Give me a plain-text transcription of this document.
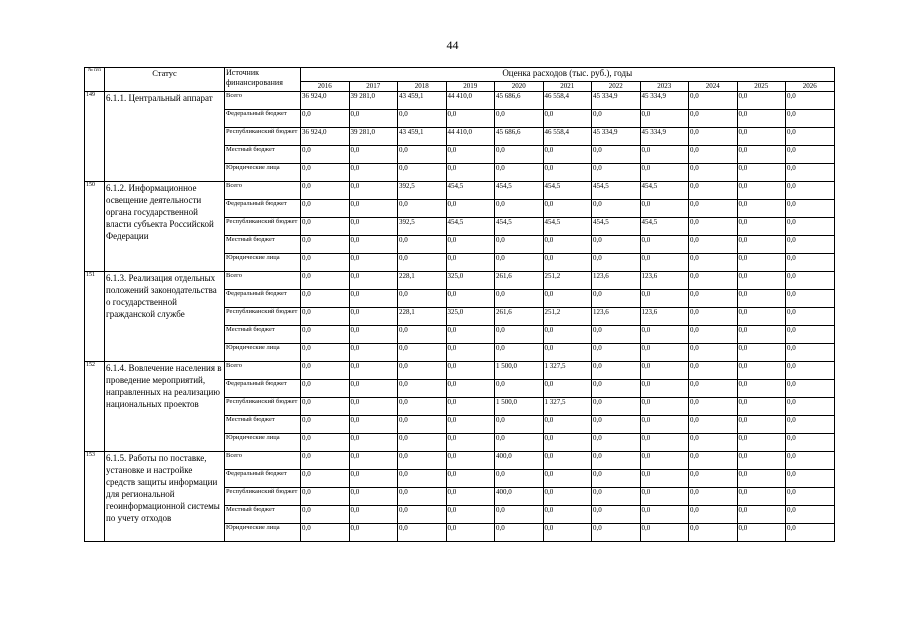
44
№ п/п	Статус	Источник финансирования	Оценка расходов (тыс. руб.), годы										
			2016	2017	2018	2019	2020	2021	2022	2023	2024	2025	2026
149	6.1.1. Центральный аппарат	Всего	36 924,0	39 281,0	43 459,1	44 410,0	45 686,6	46 558,4	45 334,9	45 334,9	0,0	0,0	0,0
		Федеральный бюджет	0,0	0,0	0,0	0,0	0,0	0,0	0,0	0,0	0,0	0,0	0,0
		Республиканский бюджет	36 924,0	39 281,0	43 459,1	44 410,0	45 686,6	46 558,4	45 334,9	45 334,9	0,0	0,0	0,0
		Местный бюджет	0,0	0,0	0,0	0,0	0,0	0,0	0,0	0,0	0,0	0,0	0,0
		Юридические лица	0,0	0,0	0,0	0,0	0,0	0,0	0,0	0,0	0,0	0,0	0,0
150	6.1.2. Информационное освещение деятельности органа государственной власти субъекта Российской Федерации	Всего	0,0	0,0	392,5	454,5	454,5	454,5	454,5	454,5	0,0	0,0	0,0
		Федеральный бюджет	0,0	0,0	0,0	0,0	0,0	0,0	0,0	0,0	0,0	0,0	0,0
		Республиканский бюджет	0,0	0,0	392,5	454,5	454,5	454,5	454,5	454,5	0,0	0,0	0,0
		Местный бюджет	0,0	0,0	0,0	0,0	0,0	0,0	0,0	0,0	0,0	0,0	0,0
		Юридические лица	0,0	0,0	0,0	0,0	0,0	0,0	0,0	0,0	0,0	0,0	0,0
151	6.1.3. Реализация отдельных положений законодательства о государственной гражданской службе	Всего	0,0	0,0	228,1	325,0	261,6	251,2	123,6	123,6	0,0	0,0	0,0
		Федеральный бюджет	0,0	0,0	0,0	0,0	0,0	0,0	0,0	0,0	0,0	0,0	0,0
		Республиканский бюджет	0,0	0,0	228,1	325,0	261,6	251,2	123,6	123,6	0,0	0,0	0,0
		Местный бюджет	0,0	0,0	0,0	0,0	0,0	0,0	0,0	0,0	0,0	0,0	0,0
		Юридические лица	0,0	0,0	0,0	0,0	0,0	0,0	0,0	0,0	0,0	0,0	0,0
152	6.1.4. Вовлечение населения в проведение мероприятий, направленных на реализацию национальных проектов	Всего	0,0	0,0	0,0	0,0	1 500,0	1 327,5	0,0	0,0	0,0	0,0	0,0
		Федеральный бюджет	0,0	0,0	0,0	0,0	0,0	0,0	0,0	0,0	0,0	0,0	0,0
		Республиканский бюджет	0,0	0,0	0,0	0,0	1 500,0	1 327,5	0,0	0,0	0,0	0,0	0,0
		Местный бюджет	0,0	0,0	0,0	0,0	0,0	0,0	0,0	0,0	0,0	0,0	0,0
		Юридические лица	0,0	0,0	0,0	0,0	0,0	0,0	0,0	0,0	0,0	0,0	0,0
153	6.1.5. Работы по поставке, установке и настройке средств защиты информации для региональной геоинформационной системы по учету отходов	Всего	0,0	0,0	0,0	0,0	400,0	0,0	0,0	0,0	0,0	0,0	0,0
		Федеральный бюджет	0,0	0,0	0,0	0,0	0,0	0,0	0,0	0,0	0,0	0,0	0,0
		Республиканский бюджет	0,0	0,0	0,0	0,0	400,0	0,0	0,0	0,0	0,0	0,0	0,0
		Местный бюджет	0,0	0,0	0,0	0,0	0,0	0,0	0,0	0,0	0,0	0,0	0,0
		Юридические лица	0,0	0,0	0,0	0,0	0,0	0,0	0,0	0,0	0,0	0,0	0,0
